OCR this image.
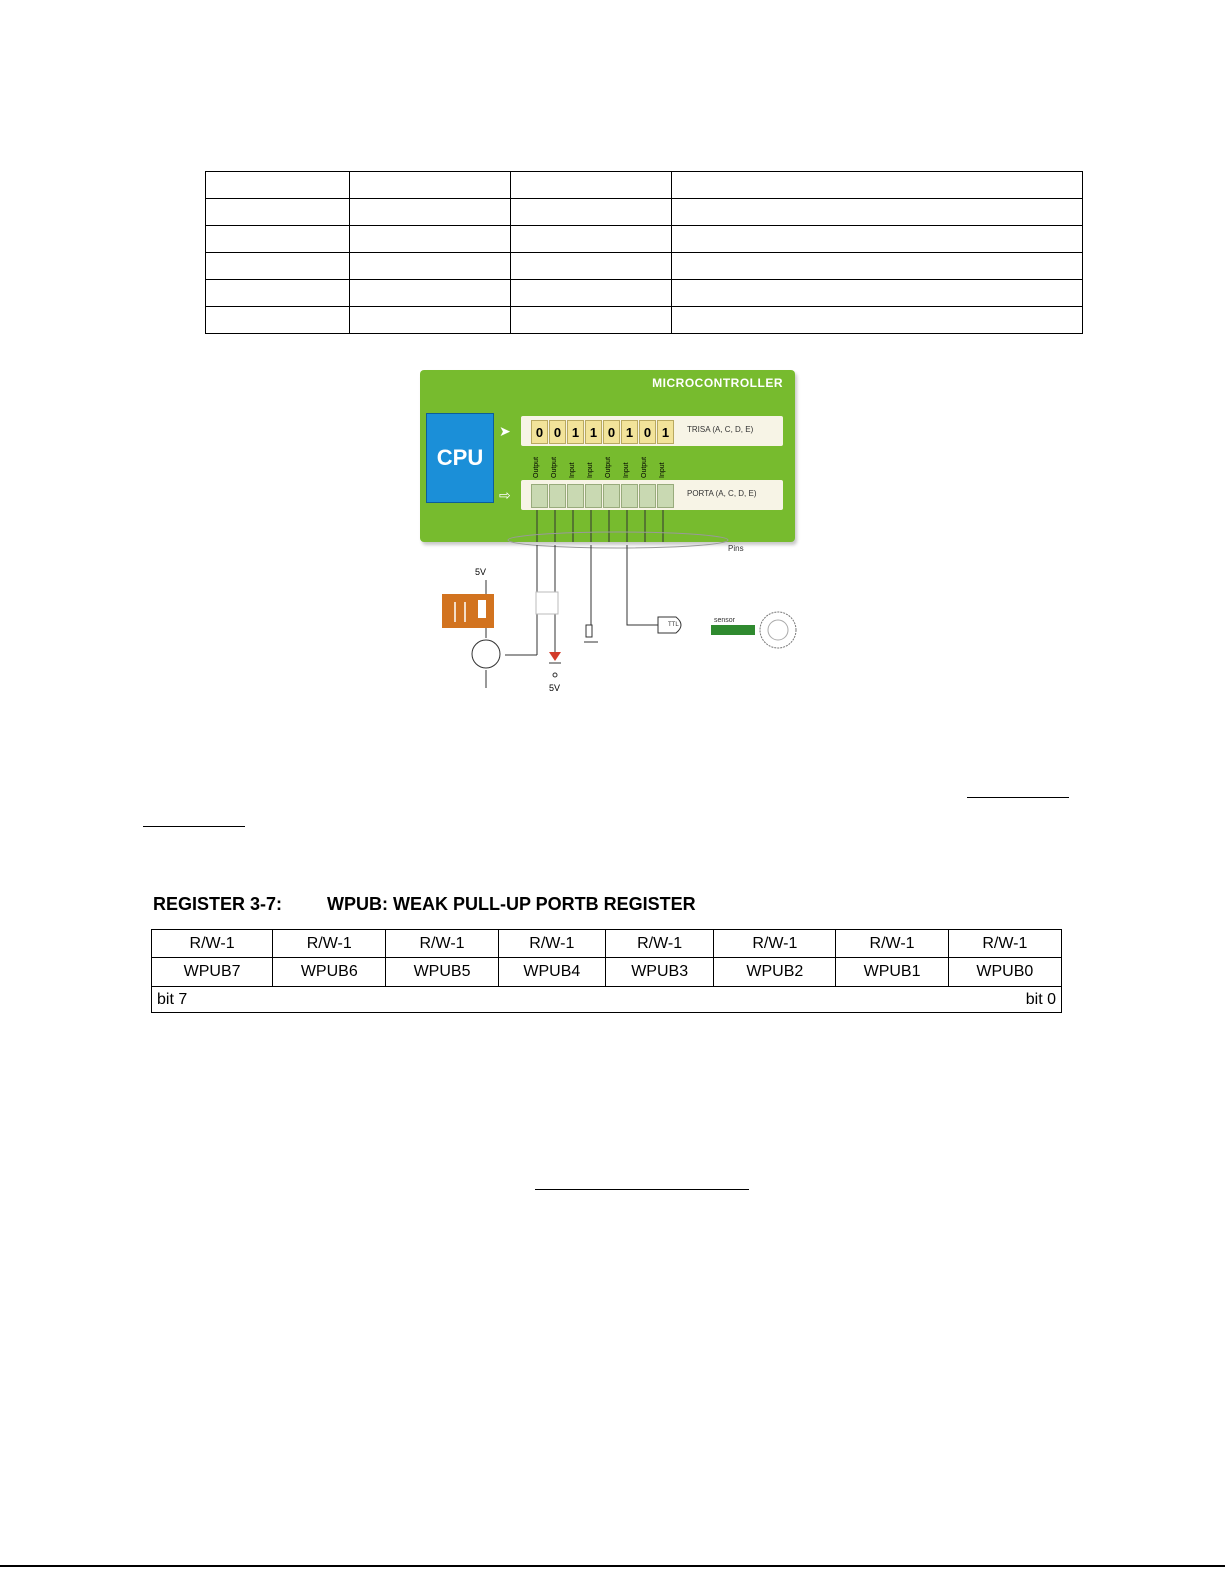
MICROCONTROLLER
CPU
➤
⇨
0 0 1 1 0 1 0 1	TRISA (A, C, D, E)
Output Output Input Input Output Input Output Input
PORTA (A, C, D, E)
Pins
5V
5V
sensor
TTL
REGISTER 3-7: WPUB: WEAK PULL-UP PORTB REGISTER
R/W-1	R/W-1	R/W-1	R/W-1	R/W-1	R/W-1	R/W-1	R/W-1
WPUB7	WPUB6	WPUB5	WPUB4	WPUB3	WPUB2	WPUB1	WPUB0

bit 7 bit 0							
